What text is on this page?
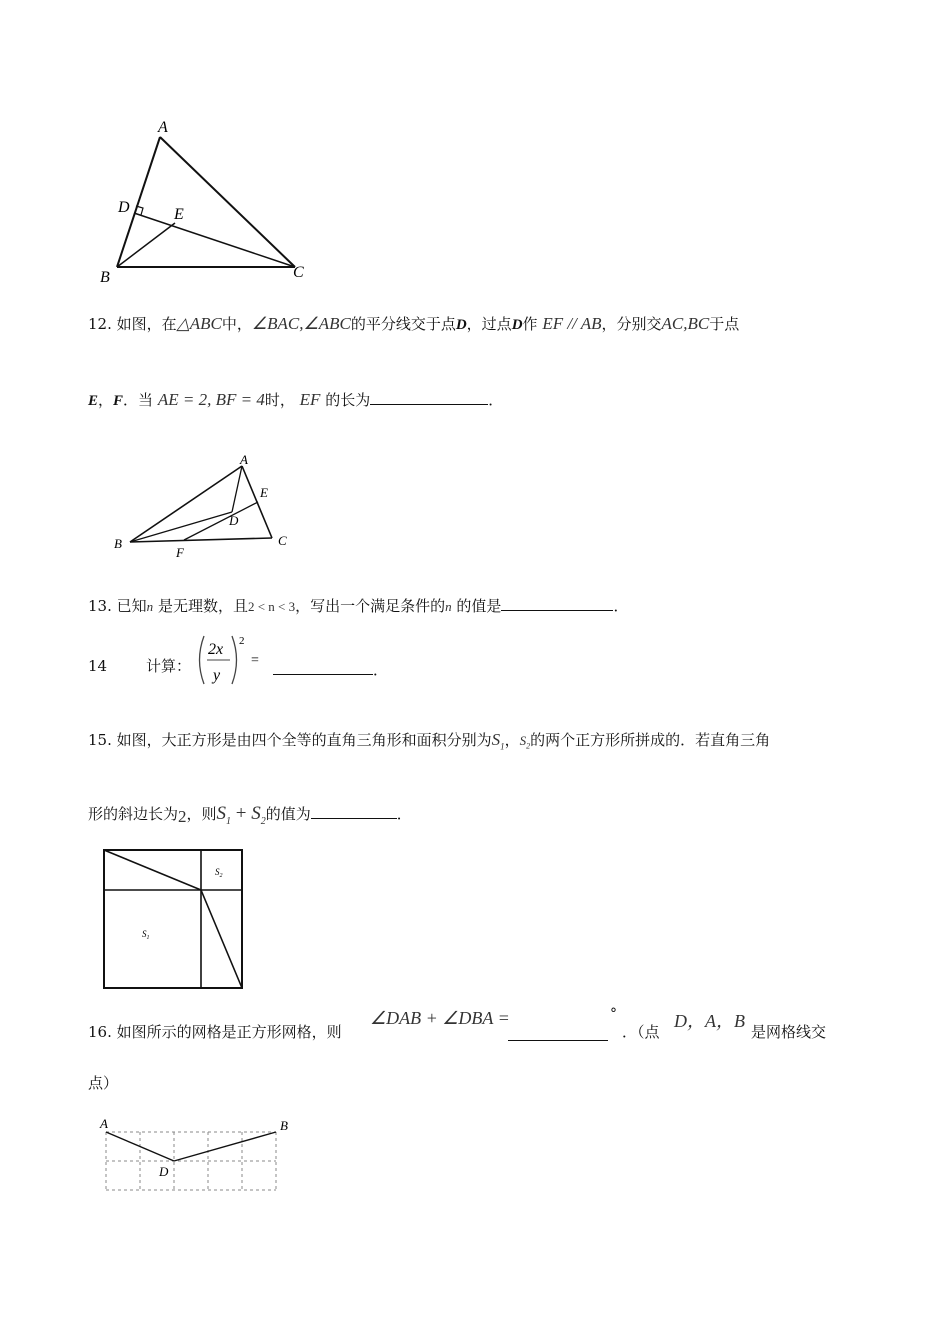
A
D	E
B	C
12. 如图，在△ABC中，∠BAC,∠ABC的平分线交于点D，过点D作 EF // AB，分别交AC,BC于点
E，F．当 AE = 2, BF = 4时， EF 的长为	．
A
E
D
B
F
C
13. 已知n 是无理数，且2 < n < 3，写出一个满足条件的n 的值是	．
14	计算：
2x
y
2
=
．
15. 如图，大正方形是由四个全等的直角三角形和面积分别为$S_1$，$S_2$的两个正方形所拼成的．若直角三角
形的斜边长为2，则$S_1 + S_2$的值为	．
$S_2$
$S_1$
16. 如图所示的网格是正方形网格，则
∠DAB + ∠DBA =	°
．（点
D，A，B
是网格线交
点）
A	B
D
